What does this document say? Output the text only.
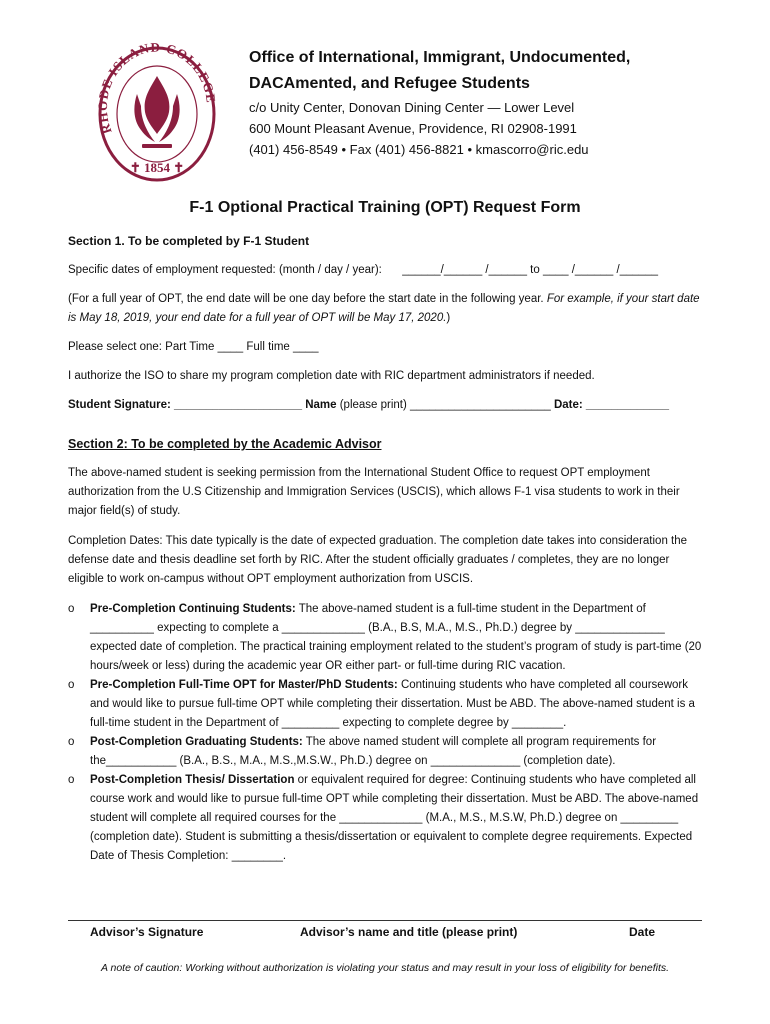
R DE ISLAND COLLEG
✝ 1854 ✝

Office of International, Immigrant, Undocumented,

DACAmented, and Refugee Students

c/o Unity Center, Donovan Dining Center — Lower Level

600 Mount Pleasant Avenue, Providence, RI 02908-1991

(401) 456-8549 • Fax (401) 456-8821 • kmascorro@ric.edu

F-1 Optional Practical Training (OPT) Request Form

Section 1. To be completed by F-1 Student

Specific dates of employment requested: (month / day / year): ______/______ /______ to ____ /______ /______

(For a full year of OPT, the end date will be one day before the start date in the following year. For example, if your start date is May 18, 2019, your end date for a full year of OPT will be May 17, 2020.)

Please select one: Part Time ____ Full time ____

I authorize the ISO to share my program completion date with RIC department administrators if needed.

Student Signature: ____________________ Name (please print) ______________________ Date: _____________

Section 2: To be completed by the Academic Advisor

The above-named student is seeking permission from the International Student Office to request OPT employment authorization from the U.S Citizenship and Immigration Services (USCIS), which allows F-1 visa students to work in their major field(s) of study.

Completion Dates: This date typically is the date of expected graduation. The completion date takes into consideration the defense date and thesis deadline set forth by RIC. After the student officially graduates / completes, they are no longer eligible to work on-campus without OPT employment authorization from USCIS.

o Pre-Completion Continuing Students: The above-named student is a full-time student in the Department of __________ expecting to complete a _____________ (B.A., B.S, M.A., M.S., Ph.D.) degree by ______________ expected date of completion. The practical training employment related to the student’s program of study is part-time (20 hours/week or less) during the academic year OR either part- or full-time during RIC vacation.
o Pre-Completion Full-Time OPT for Master/PhD Students: Continuing students who have completed all coursework and would like to pursue full-time OPT while completing their dissertation. Must be ABD. The above-named student is a full-time student in the Department of _________ expecting to complete degree by ________.
o Post-Completion Graduating Students: The above named student will complete all program requirements for the___________ (B.A., B.S., M.A., M.S.,M.S.W., Ph.D.) degree on ______________ (completion date).
o Post-Completion Thesis/ Dissertation or equivalent required for degree: Continuing students who have completed all course work and would like to pursue full-time OPT while completing their dissertation. Must be ABD. The above-named student will complete all required courses for the _____________ (M.A., M.S., M.S.W, Ph.D.) degree on _________ (completion date). Student is submitting a thesis/dissertation or equivalent to complete degree requirements. Expected Date of Thesis Completion: ________.
Advisor’s Signature	Advisor’s name and title (please print)	Date
A note of caution: Working without authorization is violating your status and may result in your loss of eligibility for benefits.
